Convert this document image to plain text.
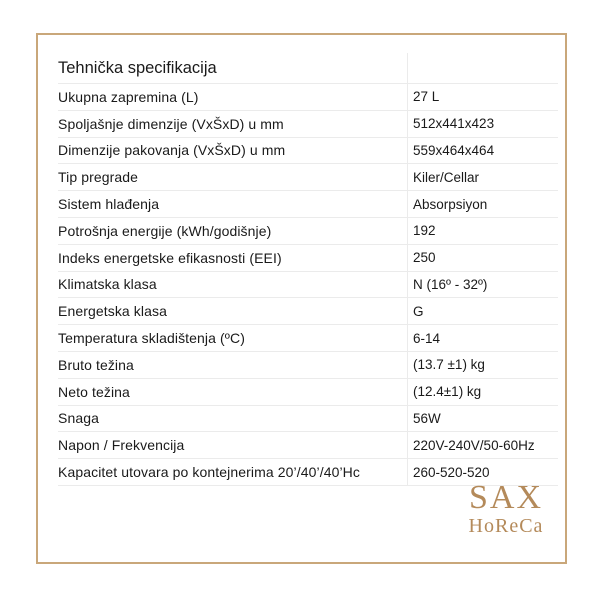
Tehnička specifikacija
Ukupna zapremina (L)	27 L
Spoljašnje dimenzije (VxŠxD) u mm	512x441x423
Dimenzije pakovanja (VxŠxD) u mm	559x464x464
Tip pregrade	Kiler/Cellar
Sistem hlađenja	Absorpsiyon
Potrošnja energije (kWh/godišnje)	192
Indeks energetske efikasnosti (EEI)	250
Klimatska klasa	N (16º - 32º)
Energetska klasa	G
Temperatura skladištenja (ºC)	6-14
Bruto težina	(13.7 ±1) kg
Neto težina	(12.4±1) kg
Snaga	56W
Napon / Frekvencija	220V-240V/50-60Hz
Kapacitet utovara po kontejnerima 20’/40’/40’Hc	260-520-520
SAX
HoReCa
